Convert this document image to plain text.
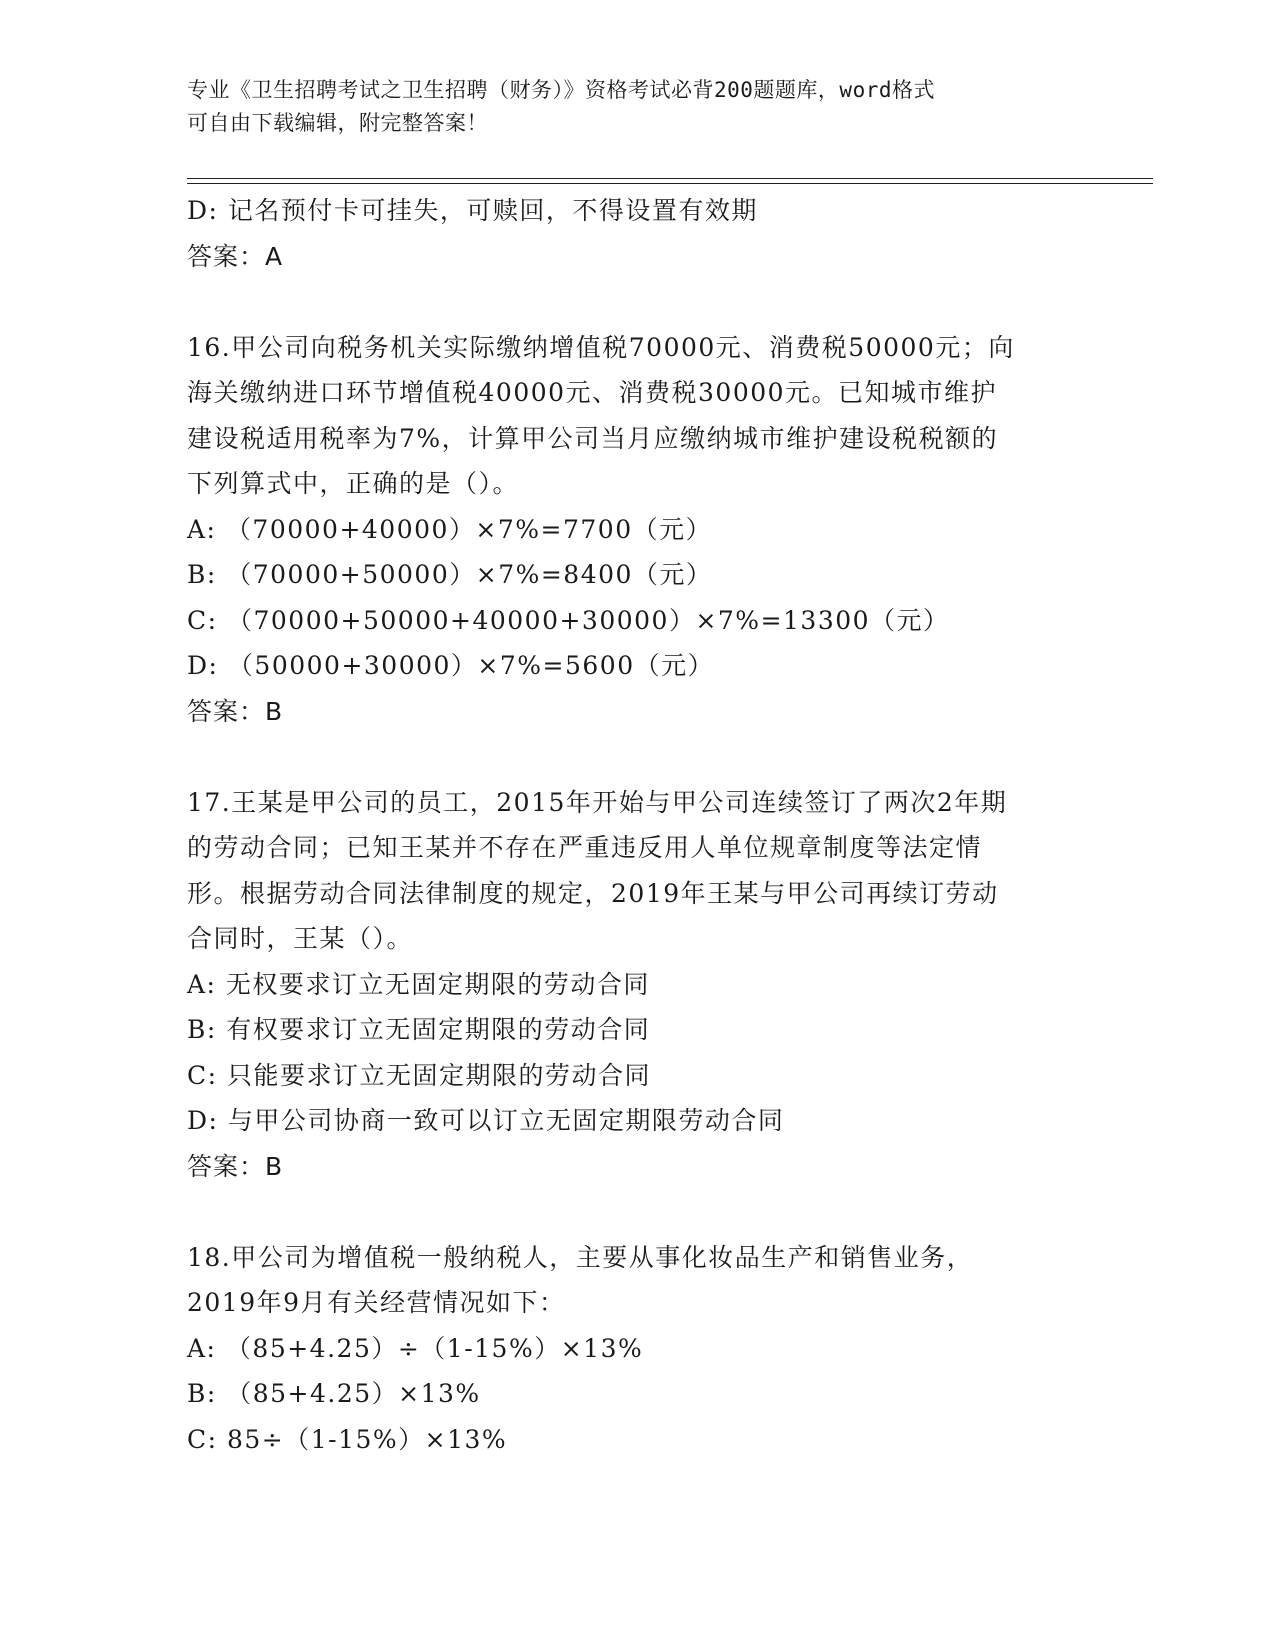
专业《卫生招聘考试之卫生招聘（财务）》资格考试必背200题题库，word格式
可自由下载编辑，附完整答案！
D: 记名预付卡可挂失，可赎回，不得设置有效期
答案：A
16.甲公司向税务机关实际缴纳增值税70000元、消费税50000元；向
海关缴纳进口环节增值税40000元、消费税30000元。已知城市维护
建设税适用税率为7%，计算甲公司当月应缴纳城市维护建设税税额的
下列算式中，正确的是（）。
A: （70000+40000）×7%=7700（元）
B: （70000+50000）×7%=8400（元）
C: （70000+50000+40000+30000）×7%=13300（元）
D: （50000+30000）×7%=5600（元）
答案：B
17.王某是甲公司的员工，2015年开始与甲公司连续签订了两次2年期
的劳动合同；已知王某并不存在严重违反用人单位规章制度等法定情
形。根据劳动合同法律制度的规定，2019年王某与甲公司再续订劳动
合同时，王某（）。
A: 无权要求订立无固定期限的劳动合同
B: 有权要求订立无固定期限的劳动合同
C: 只能要求订立无固定期限的劳动合同
D: 与甲公司协商一致可以订立无固定期限劳动合同
答案：B
18.甲公司为增值税一般纳税人，主要从事化妆品生产和销售业务，
2019年9月有关经营情况如下：
A: （85+4.25）÷（1-15%）×13%
B: （85+4.25）×13%
C: 85÷（1-15%）×13%
